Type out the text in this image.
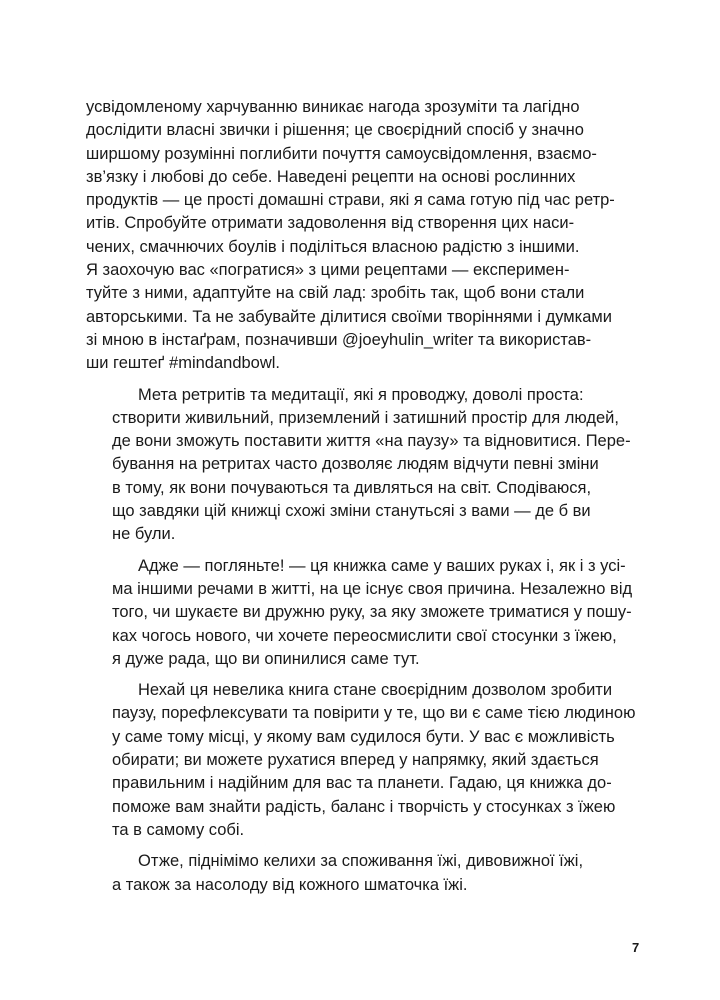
усвідомленому харчуванню виникає нагода зрозуміти та лагідно
дослідити власні звички і рішення; це своєрідний спосіб у значно
ширшому розумінні поглибити почуття самоусвідомлення, взаємо-
зв’язку і любові до себе. Наведені рецепти на основі рослинних
продуктів — це прості домашні страви, які я сама готую під час ретр-
итів. Спробуйте отримати задоволення від створення цих наси-
чених, смачнючих боулів і поділіться власною радістю з іншими.
Я заохочую вас «погратися» з цими рецептами — експеримен-
туйте з ними, адаптуйте на свій лад: зробіть так, щоб вони стали
авторськими. Та не забувайте ділитися своїми творіннями і думками
зі мною в інстаґрам, позначивши @joeyhulin_writer та використав-
ши гештеґ #mindandbowl.
Мета ретритів та медитації, які я проводжу, доволі проста:
створити живильний, приземлений і затишний простір для людей,
де вони зможуть поставити життя «на паузу» та відновитися. Пере-
бування на ретритах часто дозволяє людям відчути певні зміни
в тому, як вони почуваються та дивляться на світ. Сподіваюся,
що завдяки цій книжці схожі зміни станутьсяі з вами — де б ви
не були.
Адже — погляньте! — ця книжка саме у ваших руках і, як і з усі-
ма іншими речами в житті, на це існує своя причина. Незалежно від
того, чи шукаєте ви дружню руку, за яку зможете триматися у пошу-
ках чогось нового, чи хочете переосмислити свої стосунки з їжею,
я дуже рада, що ви опинилися саме тут.
Нехай ця невелика книга стане своєрідним дозволом зробити
паузу, порефлексувати та повірити у те, що ви є саме тією людиною
у саме тому місці, у якому вам судилося бути. У вас є можливість
обирати; ви можете рухатися вперед у напрямку, який здається
правильним і надійним для вас та планети. Гадаю, ця книжка до-
поможе вам знайти радість, баланс і творчість у стосунках з їжею
та в самому собі.
Отже, піднімімо келихи за споживання їжі, дивовижної їжі,
а також за насолоду від кожного шматочка їжі.
7
